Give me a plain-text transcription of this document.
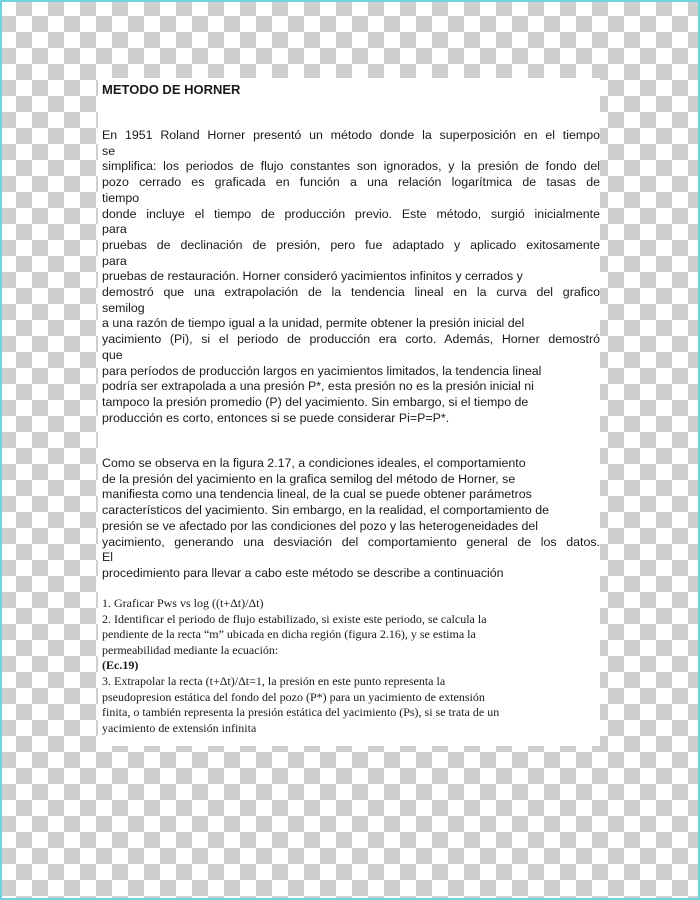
METODO DE HORNER
En 1951 Roland Horner presentó un método donde la superposición en el tiempo
se
simplifica: los periodos de flujo constantes son ignorados, y la presión de fondo del
pozo cerrado es graficada en función a una relación logarítmica de tasas de
tiempo
donde incluye el tiempo de producción previo. Este método, surgió inicialmente
para
pruebas de declinación de presión, pero fue adaptado y aplicado exitosamente
para
pruebas de restauración. Horner consideró yacimientos infinitos y cerrados y
demostró que una extrapolación de la tendencia lineal en la curva del grafico
semilog
a una razón de tiempo igual a la unidad, permite obtener la presión inicial del
yacimiento (Pi), si el periodo de producción era corto. Además, Horner demostró
que
para períodos de producción largos en yacimientos limitados, la tendencia lineal
podría ser extrapolada a una presión P*, esta presión no es la presión inicial ni
tampoco la presión promedio (P) del yacimiento. Sin embargo, si el tiempo de
producción es corto, entonces si se puede considerar Pi=P=P*.
Como se observa en la figura 2.17, a condiciones ideales, el comportamiento
de la presión del yacimiento en la grafica semilog del método de Horner, se
manifiesta como una tendencia lineal, de la cual se puede obtener parámetros
característicos del yacimiento. Sin embargo, en la realidad, el comportamiento de
presión se ve afectado por las condiciones del pozo y las heterogeneidades del
yacimiento, generando una desviación del comportamiento general de los datos.
El
procedimiento para llevar a cabo este método se describe a continuación
1. Graficar Pws vs log ((t+Δt)/Δt)
2. Identificar el periodo de flujo estabilizado, si existe este periodo, se calcula la
pendiente de la recta “m” ubicada en dicha región (figura 2.16), y se estima la
permeabilidad mediante la ecuación:
(Ec.19)
3. Extrapolar la recta (t+Δt)/Δt=1, la presión en este punto representa la
pseudopresion estática del fondo del pozo (P*) para un yacimiento de extensión
finita, o también representa la presión estática del yacimiento (Ps), si se trata de un
yacimiento de extensión infinita
